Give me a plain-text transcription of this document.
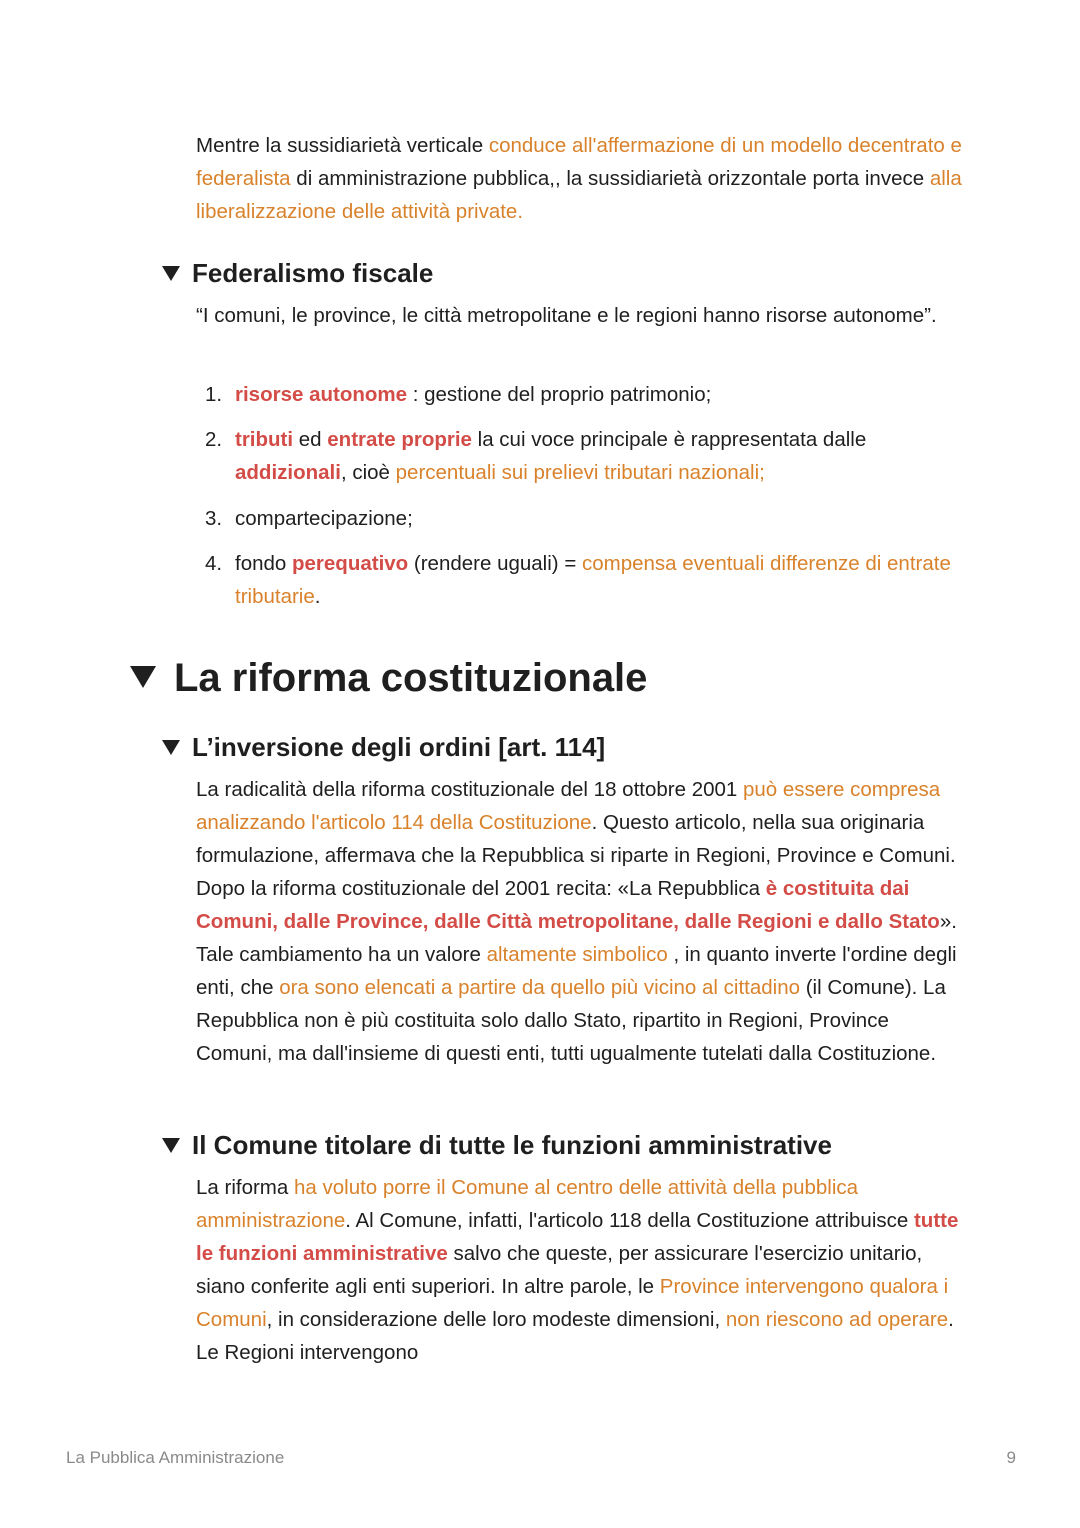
Mentre la sussidiarietà verticale conduce all'affermazione di un modello decentrato e federalista di amministrazione pubblica,, la sussidiarietà orizzontale porta invece alla liberalizzazione delle attività private.

Federalismo fiscale

“I comuni, le province, le città metropolitane e le regioni hanno risorse autonome”.

1. risorse autonome : gestione del proprio patrimonio;
2. tributi ed entrate proprie la cui voce principale è rappresentata dalle addizionali, cioè percentuali sui prelievi tributari nazionali;
3. compartecipazione;
4. fondo perequativo (rendere uguali) = compensa eventuali differenze di entrate tributarie.
La riforma costituzionale
L’inversione degli ordini [art. 114]

La radicalità della riforma costituzionale del 18 ottobre 2001 può essere compresa analizzando l'articolo 114 della Costituzione. Questo articolo, nella sua originaria formulazione, affermava che la Repubblica si riparte in Regioni, Province e Comuni. Dopo la riforma costituzionale del 2001 recita: «La Repubblica è costituita dai Comuni, dalle Province, dalle Città metropolitane, dalle Regioni e dallo Stato». Tale cambiamento ha un valore altamente simbolico , in quanto inverte l'ordine degli enti, che ora sono elencati a partire da quello più vicino al cittadino (il Comune). La Repubblica non è più costituita solo dallo Stato, ripartito in Regioni, Province Comuni, ma dall'insieme di questi enti, tutti ugualmente tutelati dalla Costituzione.

Il Comune titolare di tutte le funzioni amministrative

La riforma ha voluto porre il Comune al centro delle attività della pubblica amministrazione. Al Comune, infatti, l'articolo 118 della Costituzione attribuisce tutte le funzioni amministrative salvo che queste, per assicurare l'esercizio unitario, siano conferite agli enti superiori. In altre parole, le Province intervengono qualora i Comuni, in considerazione delle loro modeste dimensioni, non riescono ad operare. Le Regioni intervengono

La Pubblica Amministrazione	9
